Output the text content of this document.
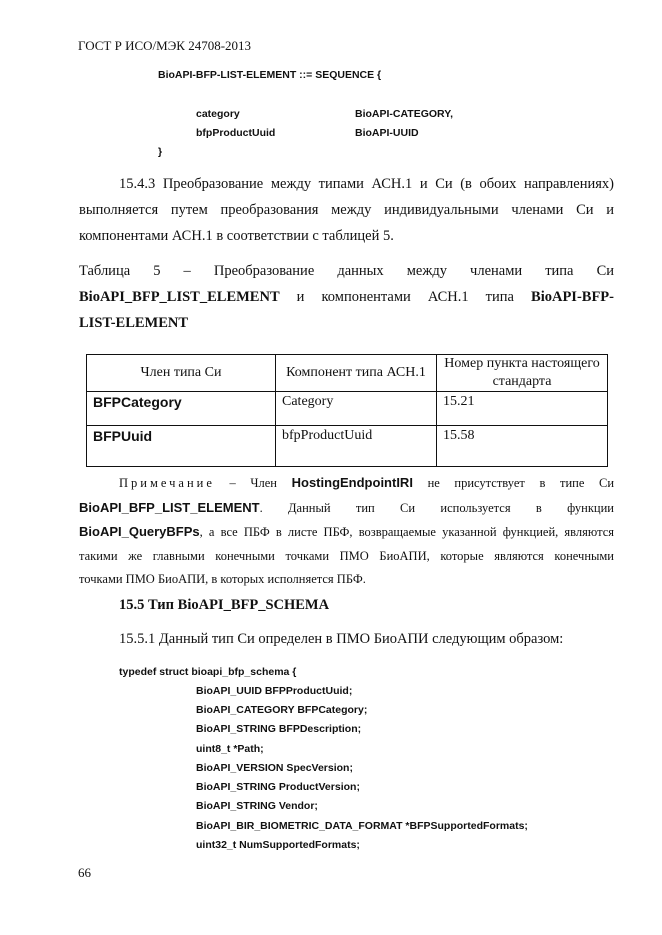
ГОСТ Р ИСО/МЭК 24708-2013
BioAPI-BFP-LIST-ELEMENT ::= SEQUENCE {
category	BioAPI-CATEGORY,
bfpProductUuid	BioAPI-UUID
}
15.4.3 Преобразование между типами АСН.1 и Си (в обоих направлениях)
выполняется путем преобразования между индивидуальными членами Си и
компонентами АСН.1 в соответствии с таблицей 5.
Таблица 5 – Преобразование данных между членами типа Си
BioAPI_BFP_LIST_ELEMENT и компонентами АСН.1 типа BioAPI-BFP-
LIST-ELEMENT
Член типа Си	Компонент типа АСН.1	Номер пункта настоящего стандарта
BFPCategory	Category	15.21
BFPUuid	bfpProductUuid	15.58
Примечание – Член HostingEndpointIRI не присутствует в типе Си
BioAPI_BFP_LIST_ELEMENT. Данный тип Си используется в функции
BioAPI_QueryBFPs, а все ПБФ в листе ПБФ, возвращаемые указанной функцией, являются
такими же главными конечными точками ПМО БиоАПИ, которые являются конечными
точками ПМО БиоАПИ, в которых исполняется ПБФ.
15.5 Тип BioAPI_BFP_SCHEMA
15.5.1 Данный тип Си определен в ПМО БиоАПИ следующим образом:
typedef struct bioapi_bfp_schema {
BioAPI_UUID BFPProductUuid;
BioAPI_CATEGORY BFPCategory;
BioAPI_STRING BFPDescription;
uint8_t *Path;
BioAPI_VERSION SpecVersion;
BioAPI_STRING ProductVersion;
BioAPI_STRING Vendor;
BioAPI_BIR_BIOMETRIC_DATA_FORMAT *BFPSupportedFormats;
uint32_t NumSupportedFormats;
66
